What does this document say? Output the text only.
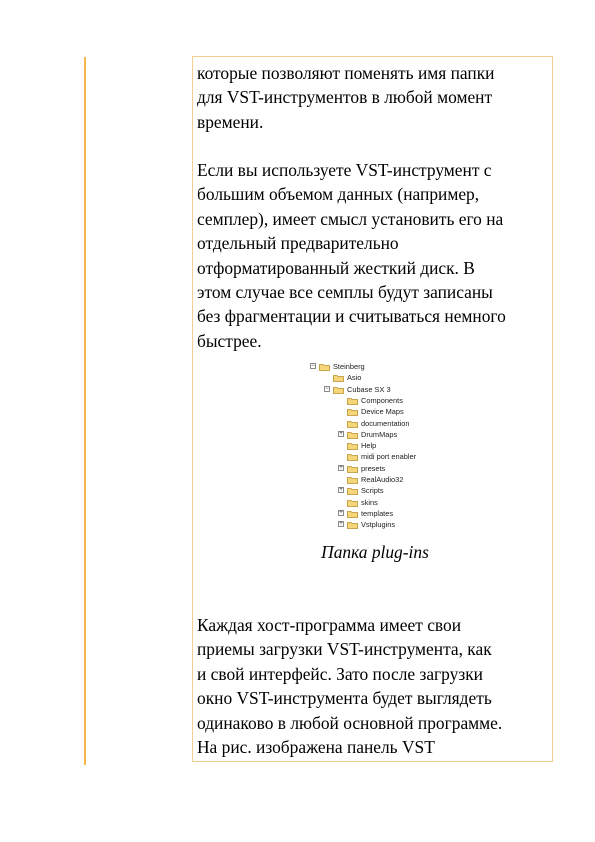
которые позволяют поменять имя папки
для VST-инструментов в любой момент
времени.
Если вы используете VST-инструмент с
большим объемом данных (например,
семплер), имеет смысл установить его на
отдельный предварительно
отформатированный жесткий диск. В
этом случае все семплы будут записаны
без фрагментации и считываться немного
быстрее.
− Steinberg
Asio
− Cubase SX 3
Components
Device Maps
documentation
+ DrumMaps
Help
midi port enabler
+ presets
RealAudio32
+ Scripts
skins
+ templates
+ Vstplugins
Папка plug-ins
Каждая хост-программа имеет свои
приемы загрузки VST-инструмента, как
и свой интерфейс. Зато после загрузки
окно VST-инструмента будет выглядеть
одинаково в любой основной программе.
На рис. изображена панель VST
